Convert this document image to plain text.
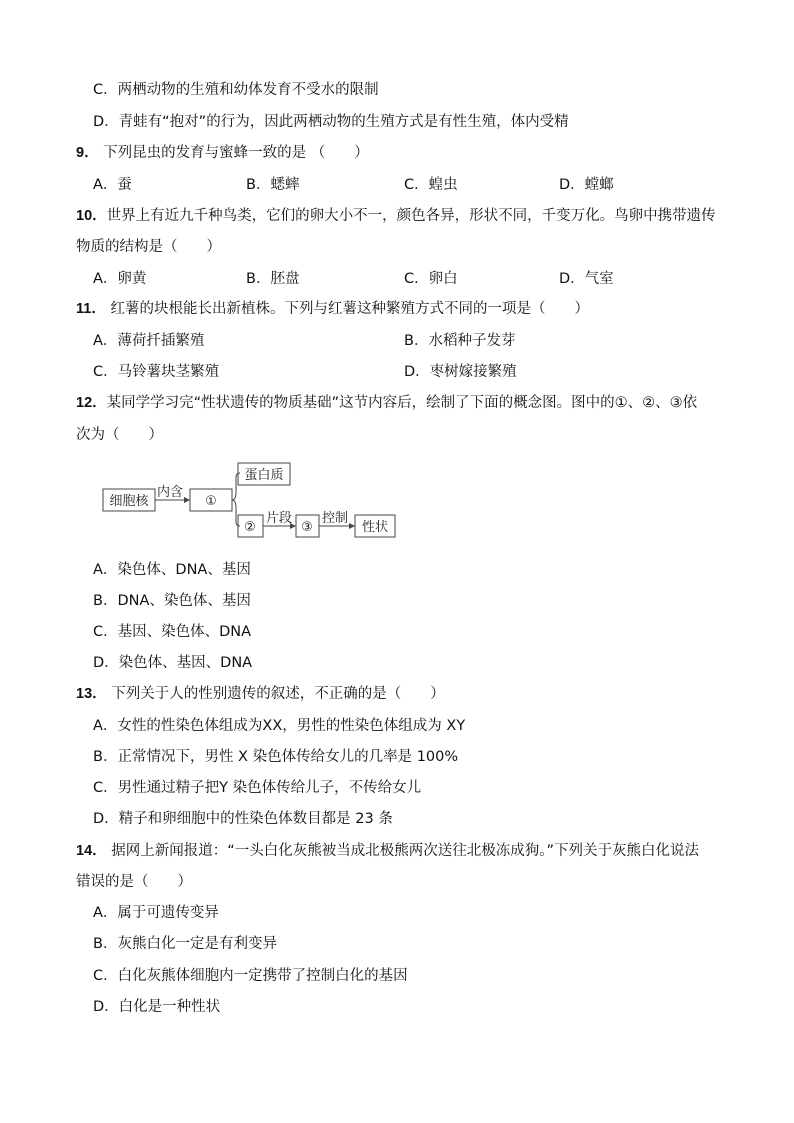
C．两栖动物的生殖和幼体发育不受水的限制
D．青蛙有“抱对”的行为，因此两栖动物的生殖方式是有性生殖，体内受精
9． 下列昆虫的发育与蜜蜂一致的是 （　　）
A．蚕	B．蟋蟀	C．蝗虫	D．螳螂
10．世界上有近九千种鸟类，它们的卵大小不一，颜色各异，形状不同，千变万化。鸟卵中携带遗传
物质的结构是（　　）
A．卵黄	B．胚盘	C．卵白	D．气室
11． 红薯的块根能长出新植株。下列与红薯这种繁殖方式不同的一项是（　　）
A．薄荷扦插繁殖	B．水稻种子发芽
C．马铃薯块茎繁殖	D．枣树嫁接繁殖
12．某同学学习完“性状遗传的物质基础”这节内容后，绘制了下面的概念图。图中的①、②、③依
次为（　　）
细胞核
内含
①
蛋白质
②
片段
③
控制
性状
A．染色体、DNA、基因
B．DNA、染色体、基因
C．基因、染色体、DNA
D．染色体、基因、DNA
13． 下列关于人的性别遗传的叙述，不正确的是（　　）
A．女性的性染色体组成为XX，男性的性染色体组成为 XY
B．正常情况下，男性 X 染色体传给女儿的几率是 100%
C．男性通过精子把Y 染色体传给儿子，不传给女儿
D．精子和卵细胞中的性染色体数目都是 23 条
14． 据网上新闻报道：“一头白化灰熊被当成北极熊两次送往北极冻成狗。”下列关于灰熊白化说法
错误的是（　　）
A．属于可遗传变异
B．灰熊白化一定是有利变异
C．白化灰熊体细胞内一定携带了控制白化的基因
D．白化是一种性状
